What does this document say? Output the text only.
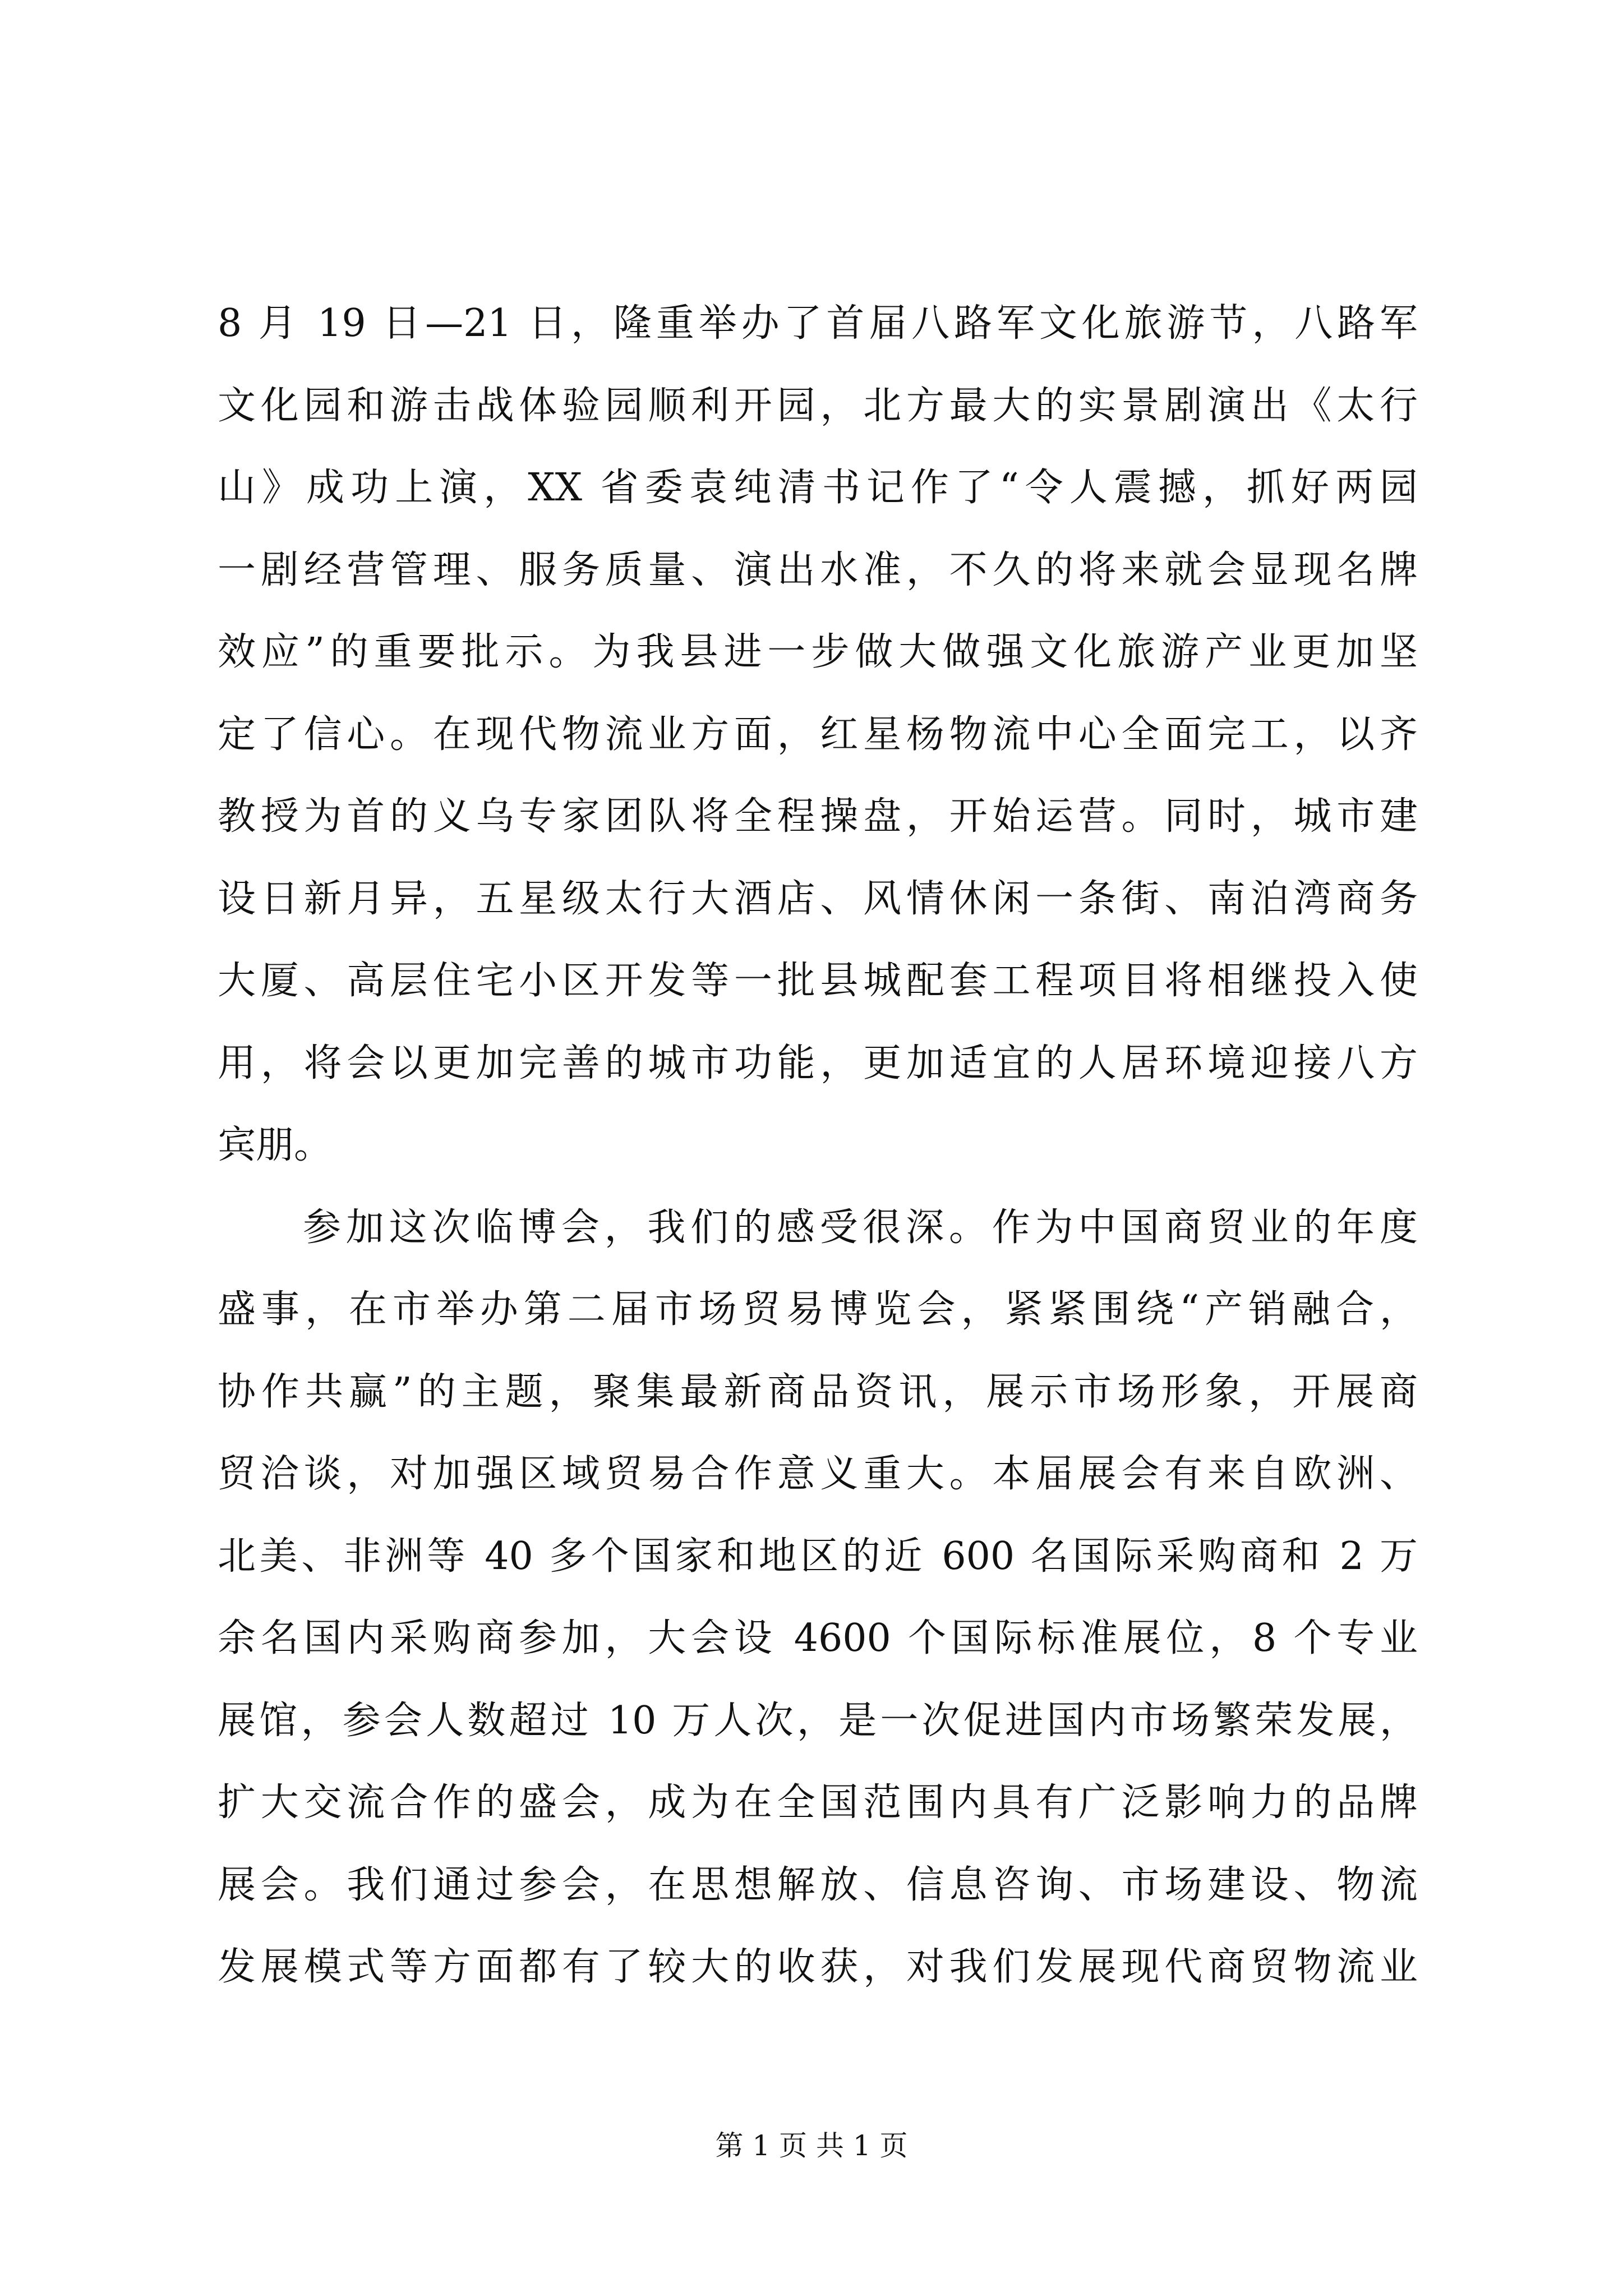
8 月 19 日—21 日，隆重举办了首届八路军文化旅游节，八路军
文化园和游击战体验园顺利开园，北方最大的实景剧演出《太行
山》成功上演，XX 省委袁纯清书记作了“令人震撼，抓好两园
一剧经营管理、服务质量、演出水准，不久的将来就会显现名牌
效应”的重要批示。为我县进一步做大做强文化旅游产业更加坚
定了信心。在现代物流业方面，红星杨物流中心全面完工，以齐
教授为首的义乌专家团队将全程操盘，开始运营。同时，城市建
设日新月异，五星级太行大酒店、风情休闲一条街、南泊湾商务
大厦、高层住宅小区开发等一批县城配套工程项目将相继投入使
用，将会以更加完善的城市功能，更加适宜的人居环境迎接八方
宾朋。
参加这次临博会，我们的感受很深。作为中国商贸业的年度
盛事，在市举办第二届市场贸易博览会，紧紧围绕“产销融合，
协作共赢”的主题，聚集最新商品资讯，展示市场形象，开展商
贸洽谈，对加强区域贸易合作意义重大。本届展会有来自欧洲、
北美、非洲等 40 多个国家和地区的近 600 名国际采购商和 2 万
余名国内采购商参加，大会设 4600 个国际标准展位，8 个专业
展馆，参会人数超过 10 万人次，是一次促进国内市场繁荣发展，
扩大交流合作的盛会，成为在全国范围内具有广泛影响力的品牌
展会。我们通过参会，在思想解放、信息咨询、市场建设、物流
发展模式等方面都有了较大的收获，对我们发展现代商贸物流业
第 1 页 共 1 页
